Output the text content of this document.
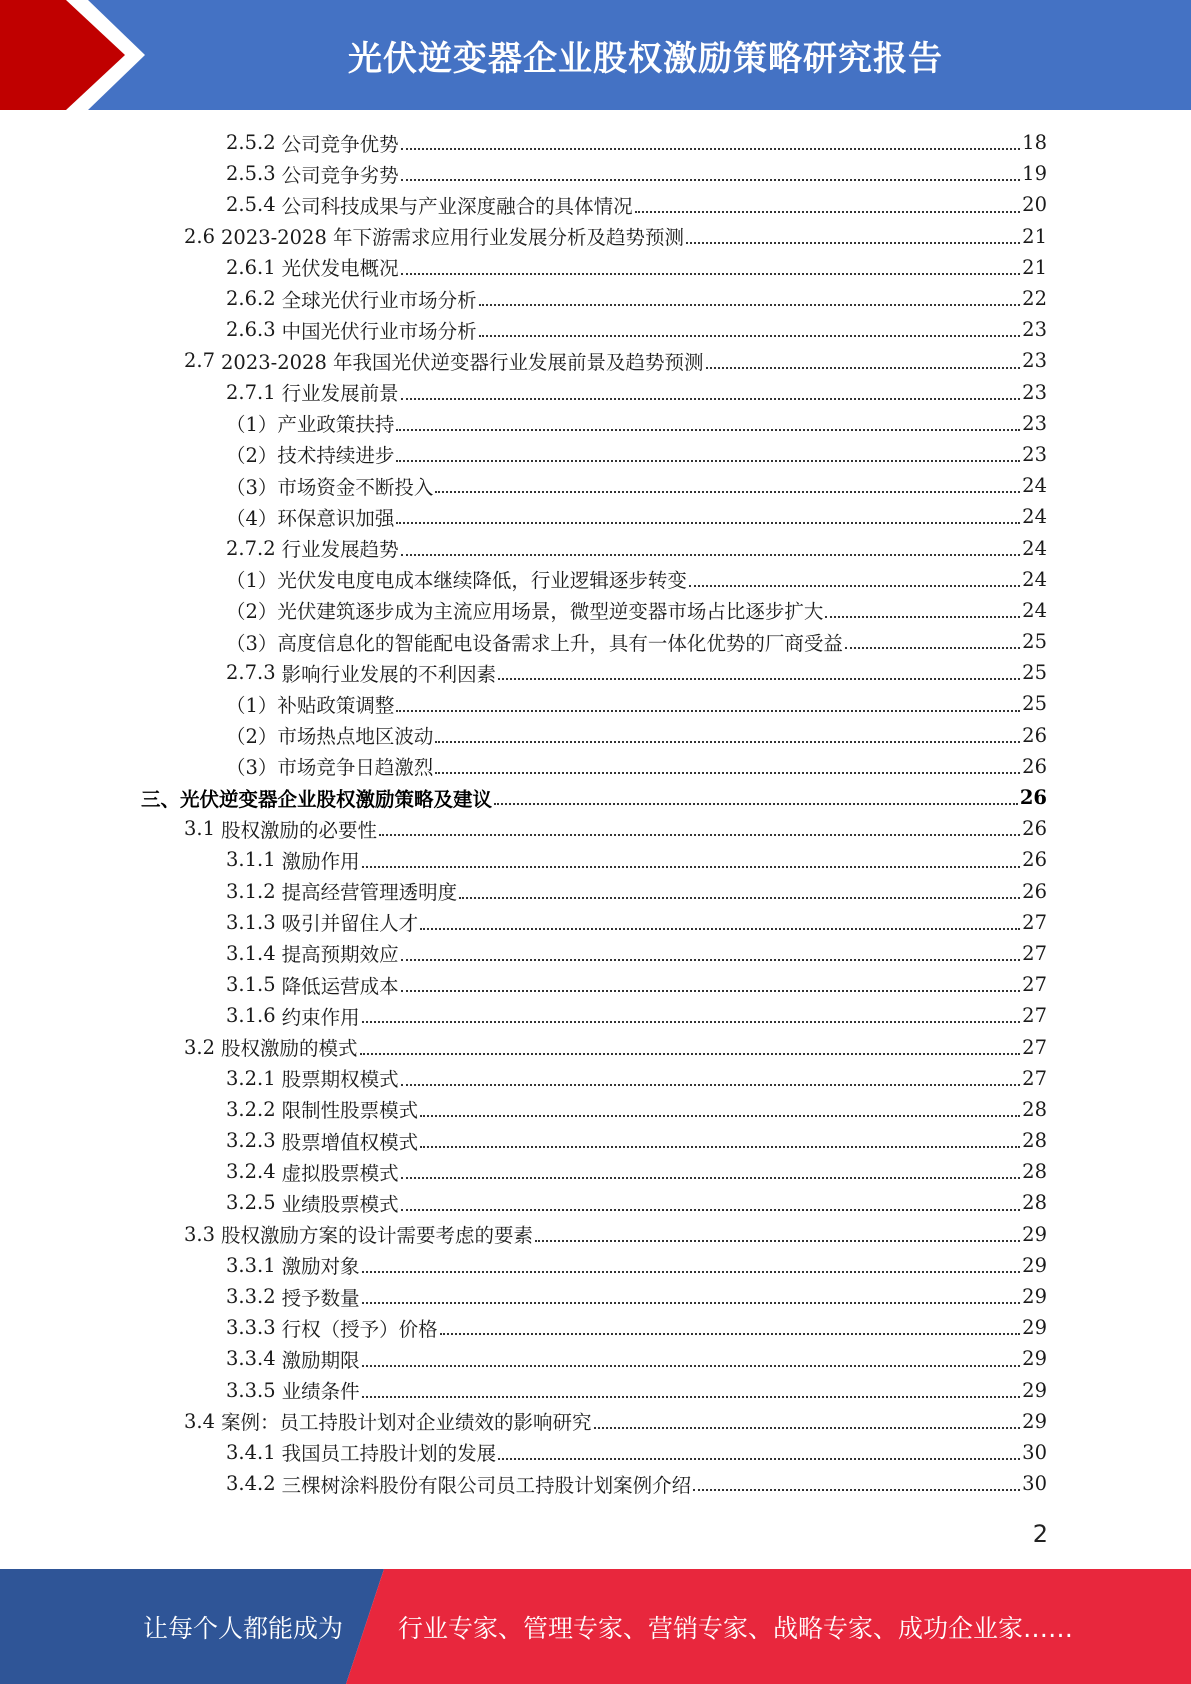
光伏逆变器企业股权激励策略研究报告
2.5.2 公司竞争优势	18
2.5.3 公司竞争劣势	19
2.5.4 公司科技成果与产业深度融合的具体情况	20
2.6 2023-2028 年下游需求应用行业发展分析及趋势预测	21
2.6.1 光伏发电概况	21
2.6.2 全球光伏行业市场分析	22
2.6.3 中国光伏行业市场分析	23
2.7 2023-2028 年我国光伏逆变器行业发展前景及趋势预测	23
2.7.1 行业发展前景	23
（1）产业政策扶持	23
（2）技术持续进步	23
（3）市场资金不断投入	24
（4）环保意识加强	24
2.7.2 行业发展趋势	24
（1）光伏发电度电成本继续降低，行业逻辑逐步转变	24
（2）光伏建筑逐步成为主流应用场景，微型逆变器市场占比逐步扩大	24
（3）高度信息化的智能配电设备需求上升，具有一体化优势的厂商受益	25
2.7.3 影响行业发展的不利因素	25
（1）补贴政策调整	25
（2）市场热点地区波动	26
（3）市场竞争日趋激烈	26
三、光伏逆变器企业股权激励策略及建议	26
3.1 股权激励的必要性	26
3.1.1 激励作用	26
3.1.2 提高经营管理透明度	26
3.1.3 吸引并留住人才	27
3.1.4 提高预期效应	27
3.1.5 降低运营成本	27
3.1.6 约束作用	27
3.2 股权激励的模式	27
3.2.1 股票期权模式	27
3.2.2 限制性股票模式	28
3.2.3 股票增值权模式	28
3.2.4 虚拟股票模式	28
3.2.5 业绩股票模式	28
3.3 股权激励方案的设计需要考虑的要素	29
3.3.1 激励对象	29
3.3.2 授予数量	29
3.3.3 行权（授予）价格	29
3.3.4 激励期限	29
3.3.5 业绩条件	29
3.4 案例：员工持股计划对企业绩效的影响研究	29
3.4.1 我国员工持股计划的发展	30
3.4.2 三棵树涂料股份有限公司员工持股计划案例介绍	30
2
让每个人都能成为 行业专家、管理专家、营销专家、战略专家、成功企业家……
